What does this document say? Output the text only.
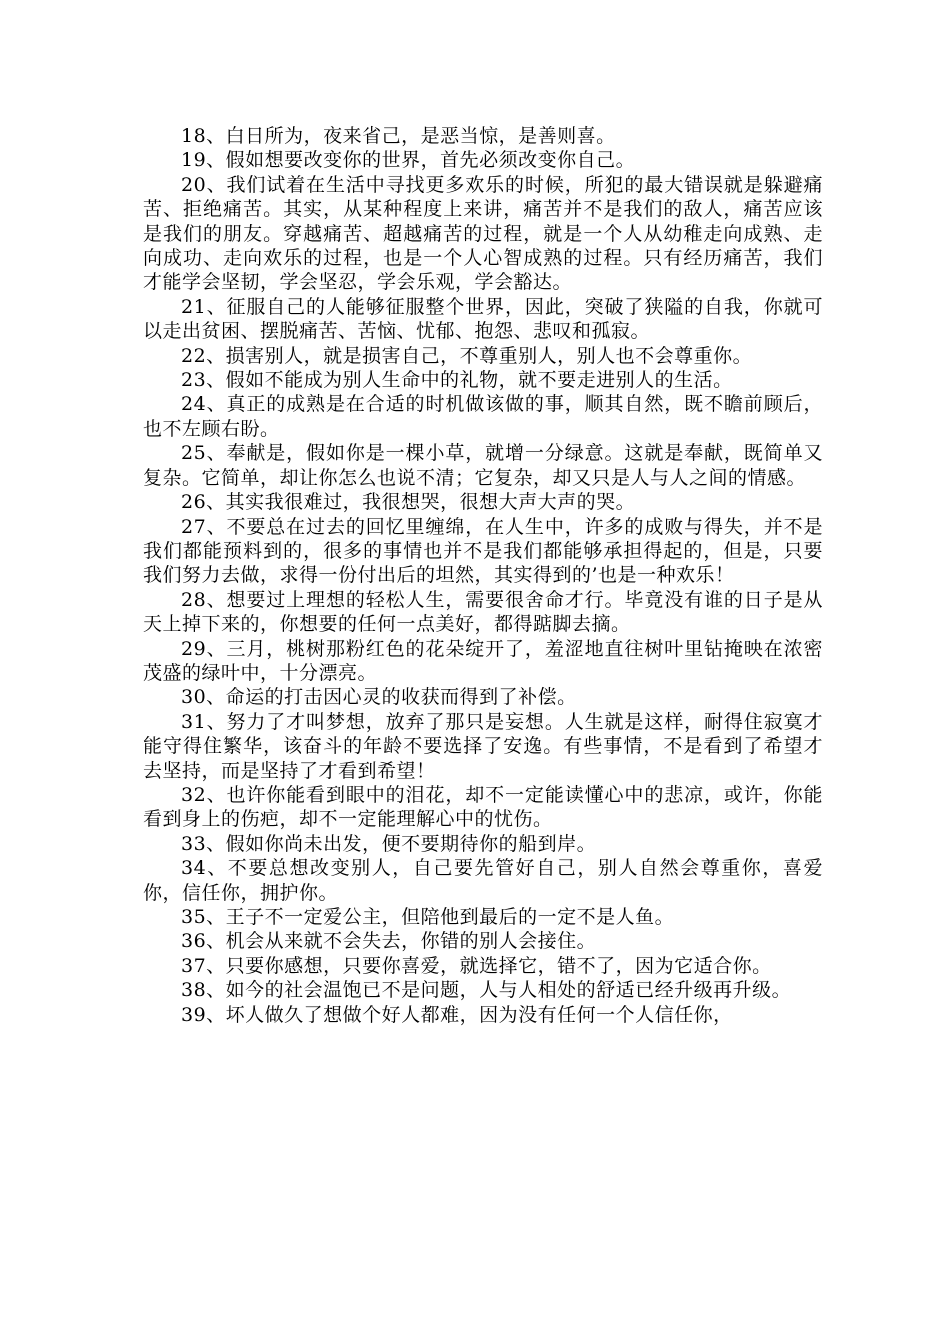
18、白日所为，夜来省己，是恶当惊，是善则喜。

19、假如想要改变你的世界，首先必须改变你自己。

20、我们试着在生活中寻找更多欢乐的时候，所犯的最大错误就是躲避痛苦、拒绝痛苦。其实，从某种程度上来讲，痛苦并不是我们的敌人，痛苦应该是我们的朋友。穿越痛苦、超越痛苦的过程，就是一个人从幼稚走向成熟、走向成功、走向欢乐的过程，也是一个人心智成熟的过程。只有经历痛苦，我们才能学会坚韧，学会坚忍，学会乐观，学会豁达。

21、征服自己的人能够征服整个世界，因此，突破了狭隘的自我，你就可以走出贫困、摆脱痛苦、苦恼、忧郁、抱怨、悲叹和孤寂。

22、损害别人，就是损害自己，不尊重别人，别人也不会尊重你。

23、假如不能成为别人生命中的礼物，就不要走进别人的生活。

24、真正的成熟是在合适的时机做该做的事，顺其自然，既不瞻前顾后，也不左顾右盼。

25、奉献是，假如你是一棵小草，就增一分绿意。这就是奉献，既简单又复杂。它简单，却让你怎么也说不清；它复杂，却又只是人与人之间的情感。

26、其实我很难过，我很想哭，很想大声大声的哭。

27、不要总在过去的回忆里缠绵，在人生中，许多的成败与得失，并不是我们都能预料到的，很多的事情也并不是我们都能够承担得起的，但是，只要我们努力去做，求得一份付出后的坦然，其实得到的’也是一种欢乐！

28、想要过上理想的轻松人生，需要很舍命才行。毕竟没有谁的日子是从天上掉下来的，你想要的任何一点美好，都得踮脚去摘。

29、三月，桃树那粉红色的花朵绽开了，羞涩地直往树叶里钻掩映在浓密茂盛的绿叶中，十分漂亮。

30、命运的打击因心灵的收获而得到了补偿。

31、努力了才叫梦想，放弃了那只是妄想。人生就是这样，耐得住寂寞才能守得住繁华，该奋斗的年龄不要选择了安逸。有些事情，不是看到了希望才去坚持，而是坚持了才看到希望！

32、也许你能看到眼中的泪花，却不一定能读懂心中的悲凉，或许，你能看到身上的伤疤，却不一定能理解心中的忧伤。

33、假如你尚未出发，便不要期待你的船到岸。

34、不要总想改变别人，自己要先管好自己，别人自然会尊重你，喜爱你，信任你，拥护你。

35、王子不一定爱公主，但陪他到最后的一定不是人鱼。

36、机会从来就不会失去，你错的别人会接住。

37、只要你感想，只要你喜爱，就选择它，错不了，因为它适合你。

38、如今的社会温饱已不是问题，人与人相处的舒适已经升级再升级。

39、坏人做久了想做个好人都难，因为没有任何一个人信任你，
